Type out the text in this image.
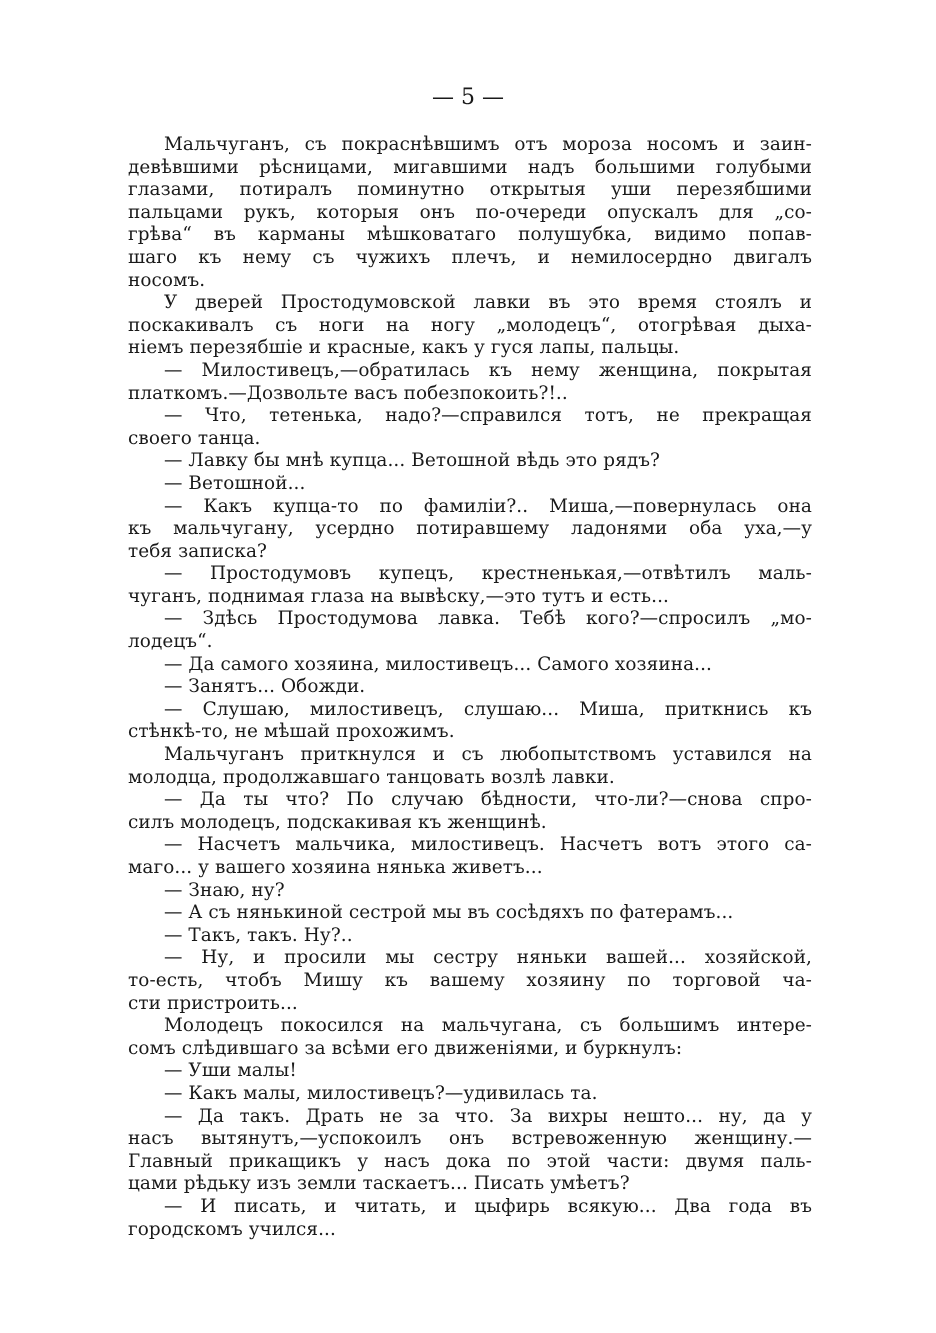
— 5 —
Мальчуганъ, съ покраснѣвшимъ отъ мороза носомъ и заин-
девѣвшими рѣсницами, мигавшими надъ большими голубыми
глазами, потиралъ поминутно открытыя уши перезябшими
пальцами рукъ, которыя онъ по-очереди опускалъ для „со-
грѣва“ въ карманы мѣшковатаго полушубка, видимо попав-
шаго къ нему съ чужихъ плечъ, и немилосердно двигалъ
носомъ.
У дверей Простодумовской лавки въ это время стоялъ и
поскакивалъ съ ноги на ногу „молодецъ“, отогрѣвая дыха-
ніемъ перезябшіе и красные, какъ у гуся лапы, пальцы.
— Милостивецъ,—обратилась къ нему женщина, покрытая
платкомъ.—Дозвольте васъ побезпокоить?!..
— Что, тетенька, надо?—справился тотъ, не прекращая
своего танца.
— Лавку бы мнѣ купца... Ветошной вѣдь это рядъ?
— Ветошной...
— Какъ купца-то по фамиліи?.. Миша,—повернулась она
къ мальчугану, усердно потиравшему ладонями оба уха,—у
тебя записка?
— Простодумовъ купецъ, крестненькая,—отвѣтилъ маль-
чуганъ, поднимая глаза на вывѣску,—это тутъ и есть...
— Здѣсь Простодумова лавка. Тебѣ кого?—спросилъ „мо-
лодецъ“.
— Да самого хозяина, милостивецъ... Самого хозяина...
— Занятъ... Обожди.
— Слушаю, милостивецъ, слушаю... Миша, приткнись къ
стѣнкѣ-то, не мѣшай прохожимъ.
Мальчуганъ приткнулся и съ любопытствомъ уставился на
молодца, продолжавшаго танцовать возлѣ лавки.
— Да ты что? По случаю бѣдности, что-ли?—снова спро-
силъ молодецъ, подскакивая къ женщинѣ.
— Насчетъ мальчика, милостивецъ. Насчетъ вотъ этого са-
маго... у вашего хозяина нянька живетъ...
— Знаю, ну?
— А съ нянькиной сестрой мы въ сосѣдяхъ по фатерамъ...
— Такъ, такъ. Ну?..
— Ну, и просили мы сестру няньки вашей... хозяйской,
то-есть, чтобъ Мишу къ вашему хозяину по торговой ча-
сти пристроить...
Молодецъ покосился на мальчугана, съ большимъ интере-
сомъ слѣдившаго за всѣми его движеніями, и буркнулъ:
— Уши малы!
— Какъ малы, милостивецъ?—удивилась та.
— Да такъ. Драть не за что. За вихры нешто... ну, да у
насъ вытянутъ,—успокоилъ онъ встревоженную женщину.—
Главный прикащикъ у насъ дока по этой части: двумя паль-
цами рѣдьку изъ земли таскаетъ... Писать умѣетъ?
— И писать, и читать, и цыфирь всякую... Два года въ
городскомъ учился...
